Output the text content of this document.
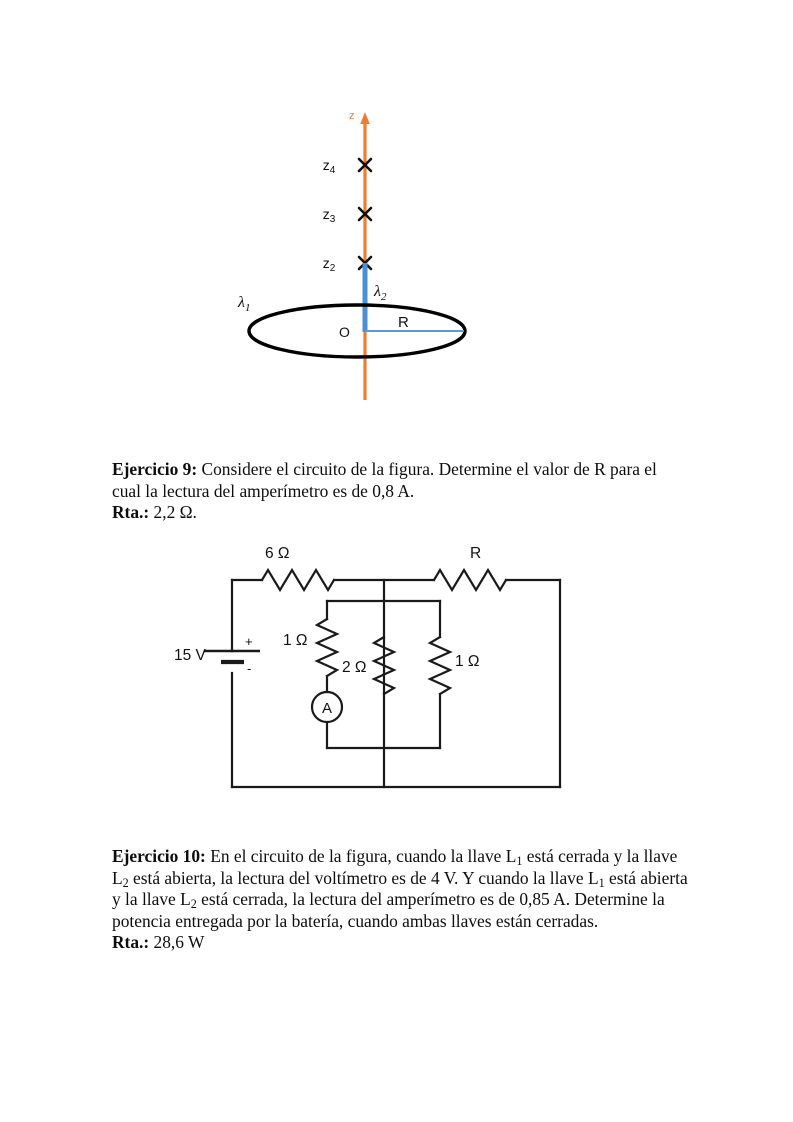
z
$z_4$
$z_3$
$z_2$
$\lambda_2$
$\lambda_1$
O
R

Ejercicio 9: Considere el circuito de la figura. Determine el valor de R para el cual la lectura del amperímetro es de 0,8 A.

Rta.: 2,2 Ω.

A
6 Ω	R
15 V
+
-
1 Ω
2 Ω	1 Ω

Ejercicio 10: En el circuito de la figura, cuando la llave $L_1$ está cerrada y la llave $L_2$ está abierta, la lectura del voltímetro es de 4 V. Y cuando la llave $L_1$ está abierta y la llave $L_2$ está cerrada, la lectura del amperímetro es de 0,85 A. Determine la potencia entregada por la batería, cuando ambas llaves están cerradas.

Rta.: 28,6 W
